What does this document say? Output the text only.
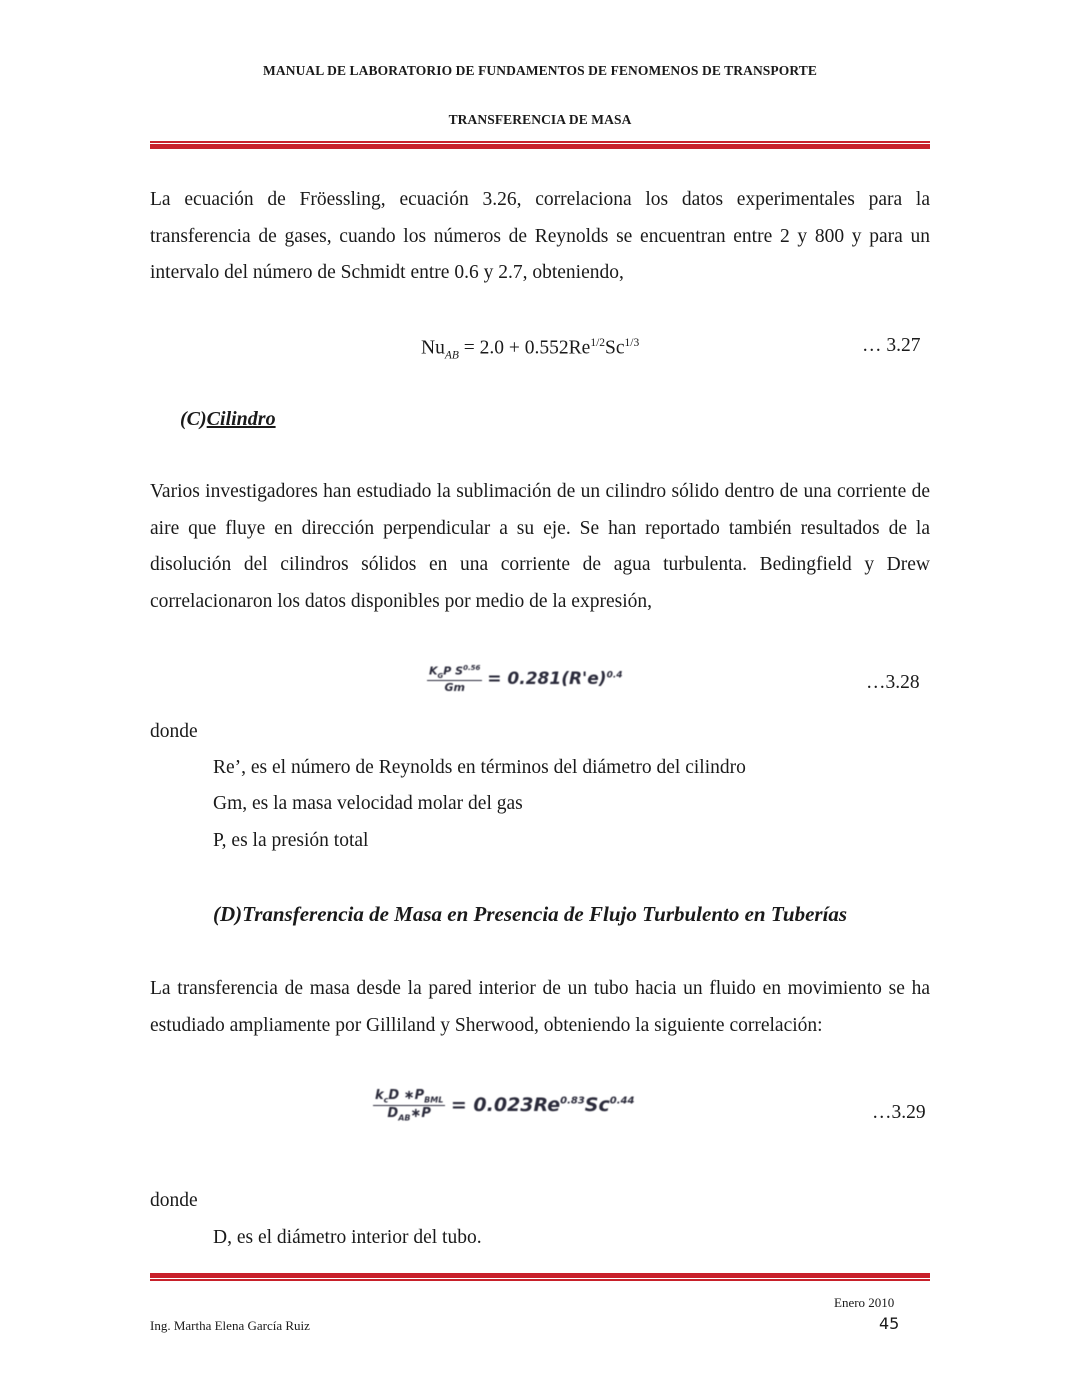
MANUAL DE LABORATORIO DE FUNDAMENTOS DE FENOMENOS DE TRANSPORTE
TRANSFERENCIA DE MASA

La ecuación de Fröessling, ecuación 3.26, correlaciona los datos experimentales para la transferencia de gases, cuando los números de Reynolds se encuentran entre 2 y 800 y para un intervalo del número de Schmidt entre 0.6 y 2.7, obteniendo,

$Nu_{AB} = 2.0 + 0.552Re^{1/2}Sc^{1/3}$	… 3.27
(C)Cilindro

Varios investigadores han estudiado la sublimación de un cilindro sólido dentro de una corriente de aire que fluye en dirección perpendicular a su eje. Se han reportado también resultados de la disolución del cilindros sólidos en una corriente de agua turbulenta. Bedingfield y Drew correlacionaron los datos disponibles por medio de la expresión,

$\frac{K_GP S^{0.56}}{Gm} = 0.281(R'e)^{0.4}$	…3.28
donde
Re’, es el número de Reynolds en términos del diámetro del cilindro
Gm, es la masa velocidad molar del gas
P, es la presión total
(D)Transferencia de Masa en Presencia de Flujo Turbulento en Tuberías

La transferencia de masa desde la pared interior de un tubo hacia un fluido en movimiento se ha estudiado ampliamente por Gilliland y Sherwood, obteniendo la siguiente correlación:

$\frac{k_cD ∗P_{BML}}{D_{AB}∗P} = 0.023Re^{0.83}Sc^{0.44}$
…3.29
donde
D, es el diámetro interior del tubo.
Enero 2010
Ing. Martha Elena García Ruiz	45
